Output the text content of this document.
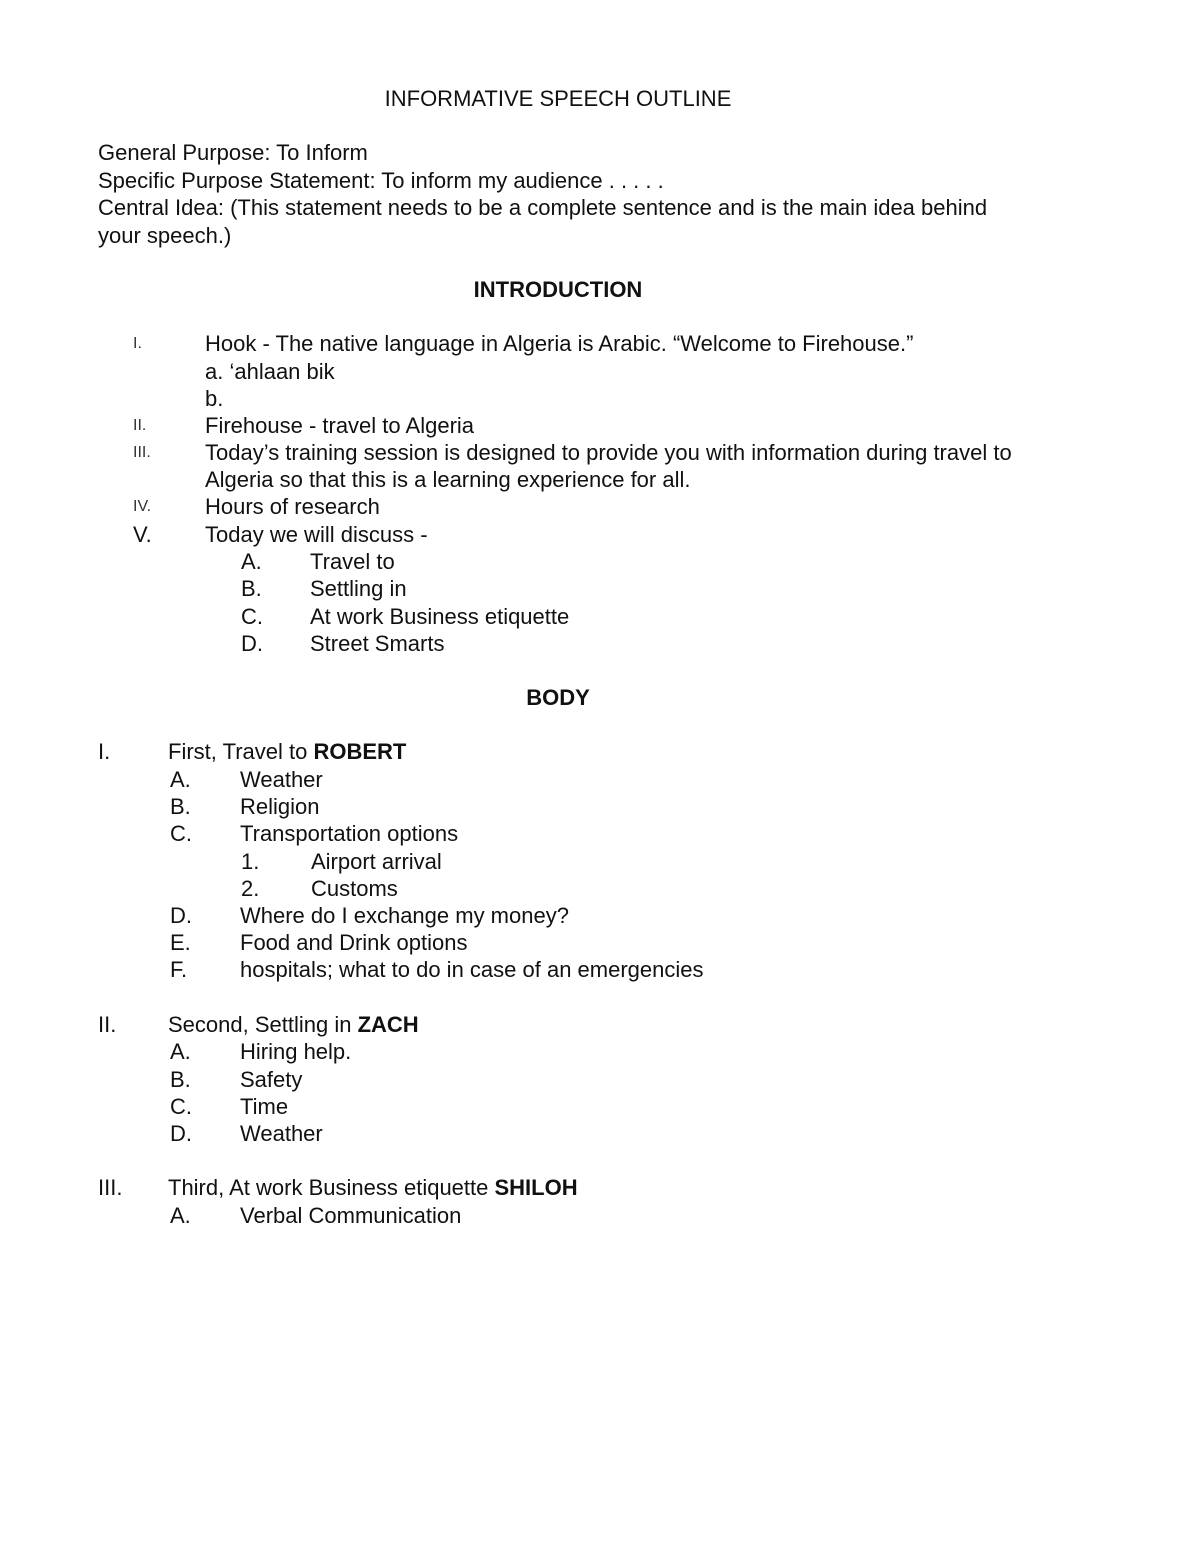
INFORMATIVE SPEECH OUTLINE
General Purpose: To Inform
Specific Purpose Statement: To inform my audience . . . . .
Central Idea: (This statement needs to be a complete sentence and is the main idea behind
your speech.)
INTRODUCTION
I.	Hook - The native language in Algeria is Arabic. “Welcome to Firehouse.”
a. ‘ahlaan bik
b.
II.	Firehouse - travel to Algeria
III. Today’s training session is designed to provide you with information during travel to
Algeria so that this is a learning experience for all.
IV. Hours of research
V. Today we will discuss -
A. Travel to
B. Settling in
C. At work Business etiquette
D. Street Smarts
BODY
I.	First, Travel to ROBERT
A. Weather
B. Religion
C. Transportation options
1. Airport arrival
2. Customs
D. Where do I exchange my money?
E. Food and Drink options
F. hospitals; what to do in case of an emergencies
II. Second, Settling in ZACH
A. Hiring help.
B. Safety
C. Time
D. Weather
III. Third, At work Business etiquette SHILOH
A. Verbal Communication
